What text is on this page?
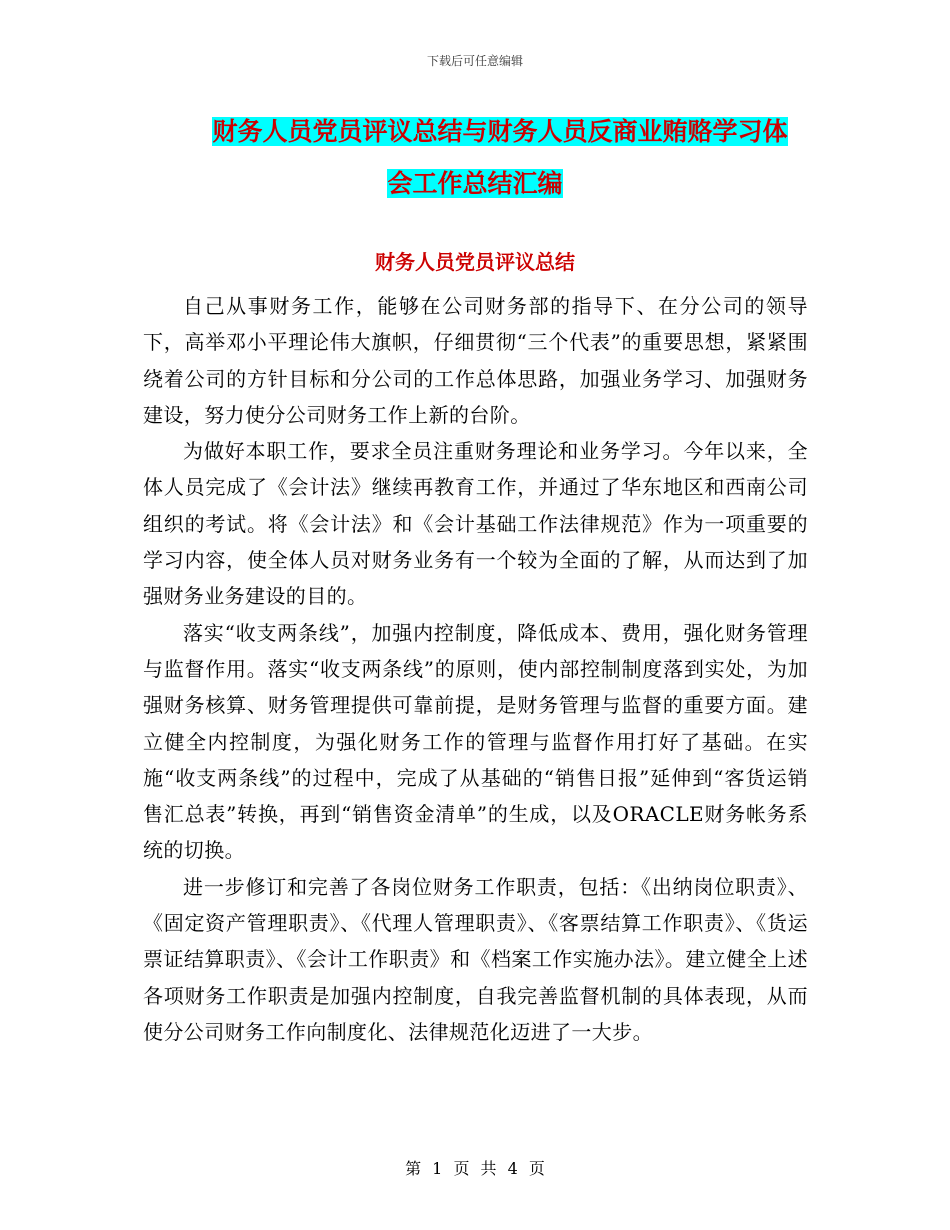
下载后可任意编辑
财务人员党员评议总结与财务人员反商业贿赂学习体
会工作总结汇编
财务人员党员评议总结

自己从事财务工作，能够在公司财务部的指导下、在分公司的领导下，高举邓小平理论伟大旗帜，仔细贯彻“三个代表”的重要思想，紧紧围绕着公司的方针目标和分公司的工作总体思路，加强业务学习、加强财务建设，努力使分公司财务工作上新的台阶。

为做好本职工作，要求全员注重财务理论和业务学习。今年以来，全体人员完成了《会计法》继续再教育工作，并通过了华东地区和西南公司组织的考试。将《会计法》和《会计基础工作法律规范》作为一项重要的学习内容，使全体人员对财务业务有一个较为全面的了解，从而达到了加强财务业务建设的目的。

落实“收支两条线”，加强内控制度，降低成本、费用，强化财务管理与监督作用。落实“收支两条线”的原则，使内部控制制度落到实处，为加强财务核算、财务管理提供可靠前提，是财务管理与监督的重要方面。建立健全内控制度，为强化财务工作的管理与监督作用打好了基础。在实施“收支两条线”的过程中，完成了从基础的“销售日报”延伸到“客货运销售汇总表”转换，再到“销售资金清单”的生成，以及ORACLE财务帐务系统的切换。

进一步修订和完善了各岗位财务工作职责，包括：《出纳岗位职责》、《固定资产管理职责》、《代理人管理职责》、《客票结算工作职责》、《货运票证结算职责》、《会计工作职责》和《档案工作实施办法》。建立健全上述各项财务工作职责是加强内控制度，自我完善监督机制的具体表现，从而使分公司财务工作向制度化、法律规范化迈进了一大步。

第 1 页 共 4 页
